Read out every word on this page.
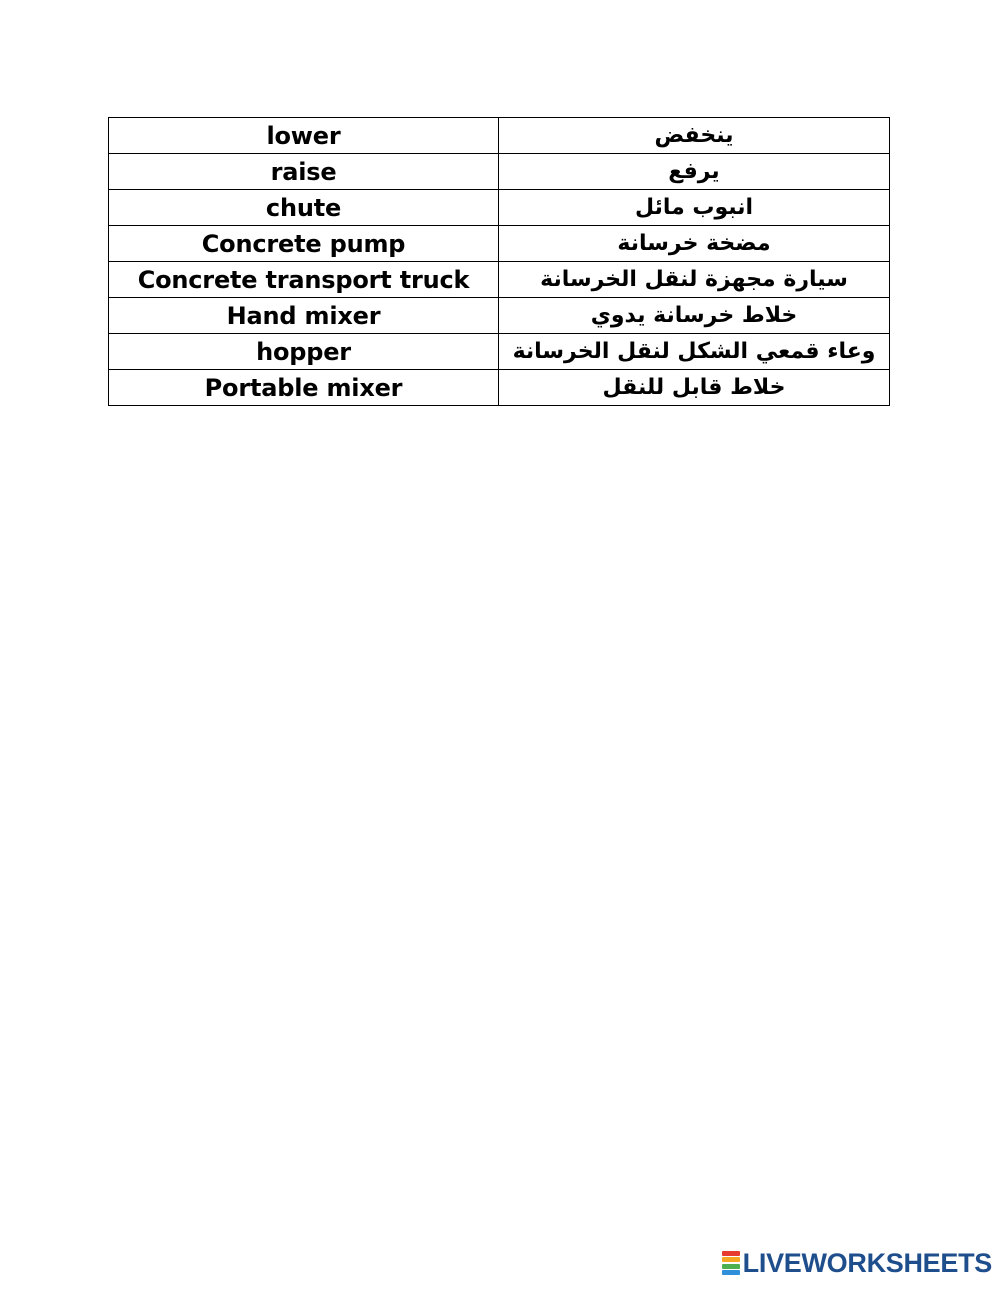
lower	ينخفض
raise	يرفع
chute	انبوب مائل
Concrete pump	مضخة خرسانة
Concrete transport truck	سيارة مجهزة لنقل الخرسانة
Hand mixer	خلاط خرسانة يدوي
hopper	وعاء قمعي الشكل لنقل الخرسانة
Portable mixer	خلاط قابل للنقل
LIVEWORKSHEETS
